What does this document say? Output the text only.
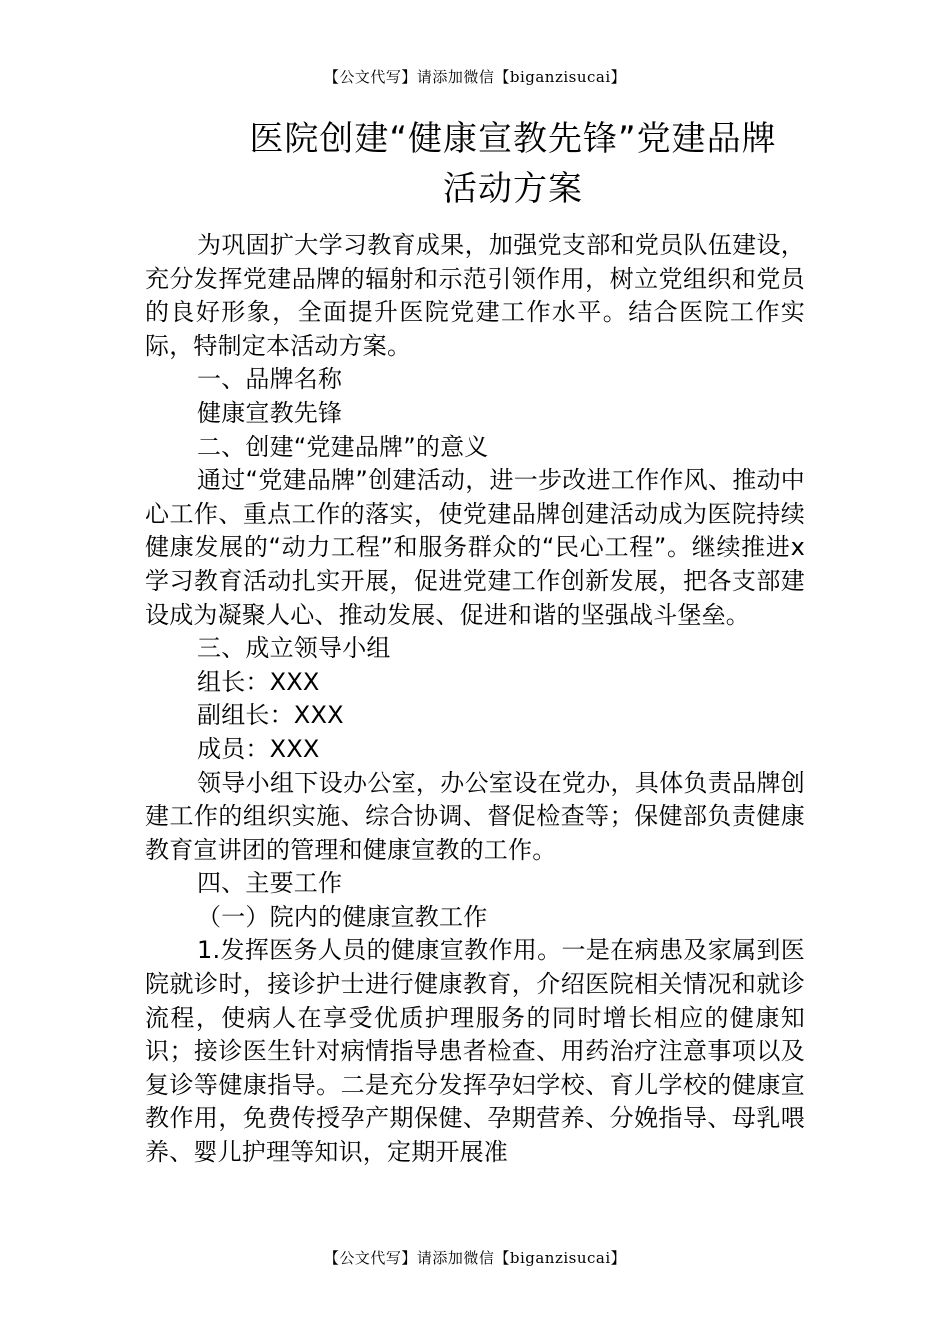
【公文代写】请添加微信【biganzisucai】
医院创建“健康宣教先锋”党建品牌
活动方案

为巩固扩大学习教育成果，加强党支部和党员队伍建设，充分发挥党建品牌的辐射和示范引领作用，树立党组织和党员的良好形象，全面提升医院党建工作水平。结合医院工作实际，特制定本活动方案。

一、品牌名称

健康宣教先锋

二、创建“党建品牌”的意义

通过“党建品牌”创建活动，进一步改进工作作风、推动中心工作、重点工作的落实，使党建品牌创建活动成为医院持续健康发展的“动力工程”和服务群众的“民心工程”。继续推进x学习教育活动扎实开展，促进党建工作创新发展，把各支部建设成为凝聚人心、推动发展、促进和谐的坚强战斗堡垒。

三、成立领导小组

组长：XXX

副组长：XXX

成员：XXX

领导小组下设办公室，办公室设在党办，具体负责品牌创建工作的组织实施、综合协调、督促检查等；保健部负责健康教育宣讲团的管理和健康宣教的工作。

四、主要工作

（一）院内的健康宣教工作

1.发挥医务人员的健康宣教作用。一是在病患及家属到医院就诊时，接诊护士进行健康教育，介绍医院相关情况和就诊流程，使病人在享受优质护理服务的同时增长相应的健康知识；接诊医生针对病情指导患者检查、用药治疗注意事项以及复诊等健康指导。二是充分发挥孕妇学校、育儿学校的健康宣教作用，免费传授孕产期保健、孕期营养、分娩指导、母乳喂养、婴儿护理等知识，定期开展准

【公文代写】请添加微信【biganzisucai】
